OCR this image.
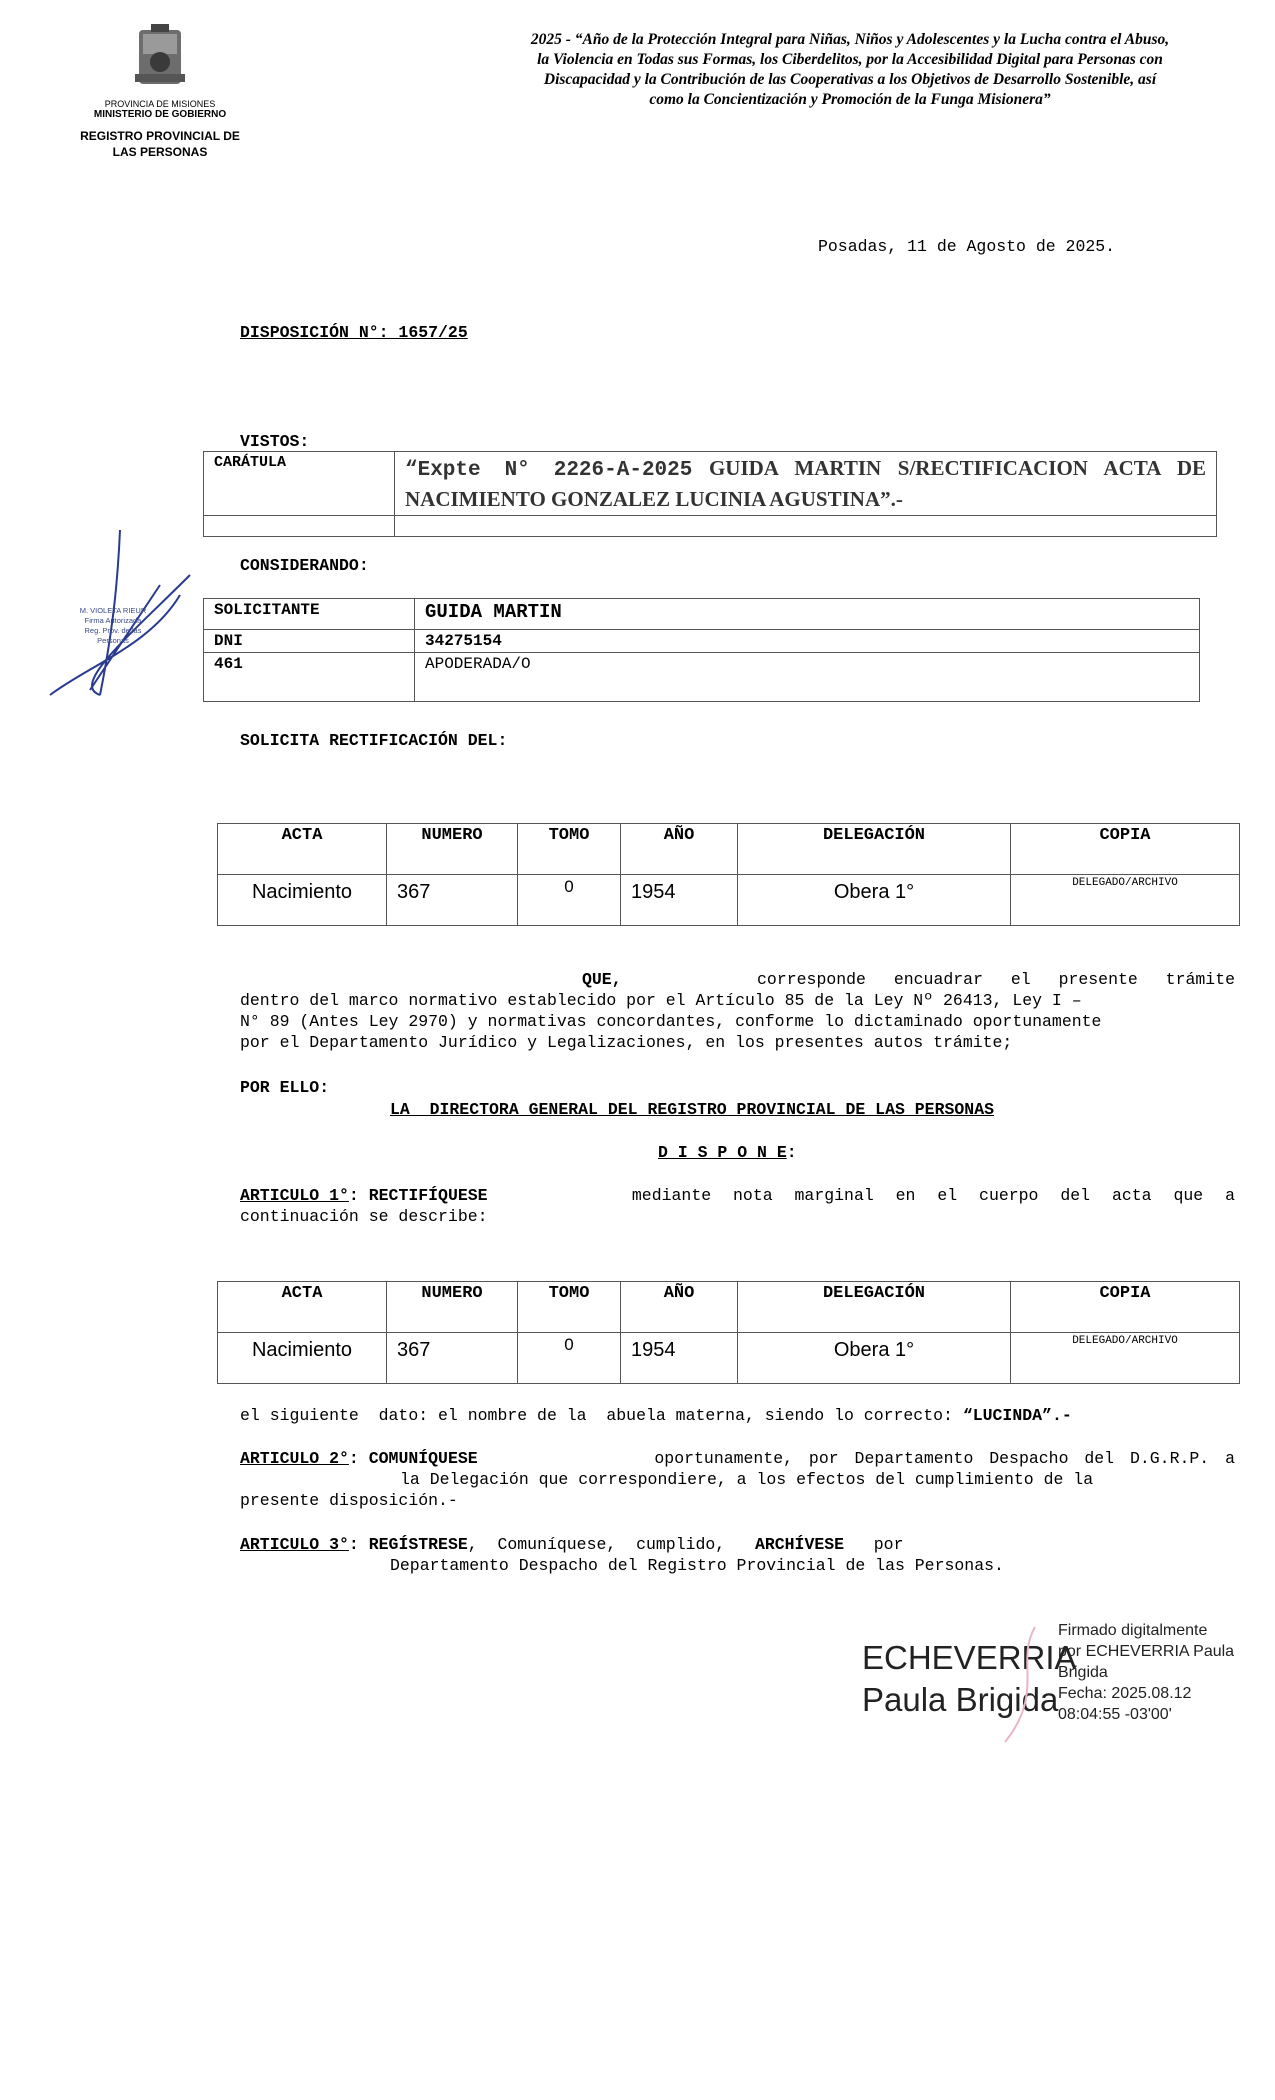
PROVINCIA DE MISIONES
MINISTERIO DE GOBIERNO
REGISTRO PROVINCIAL DE
LAS PERSONAS
2025 - “Año de la Protección Integral para Niñas, Niños y Adolescentes y la Lucha contra el Abuso, la Violencia en Todas sus Formas, los Ciberdelitos, por la Accesibilidad Digital para Personas con Discapacidad y la Contribución de las Cooperativas a los Objetivos de Desarrollo Sostenible, así como la Concientización y Promoción de la Funga Misionera”
Posadas, 11 de Agosto de 2025.
DISPOSICIÓN N°: 1657/25
VISTOS:
CARÁTULA	“Expte N° 2226-A-2025 GUIDA MARTIN S/RECTIFICACION ACTA DE NACIMIENTO GONZALEZ LUCINIA AGUSTINA”.-

M. VIOLETA RIEUR
Firma Autorizada
Reg. Prov. de las Personas
CONSIDERANDO:
SOLICITANTE	GUIDA MARTIN
DNI	34275154
461	APODERADA/O
SOLICITA RECTIFICACIÓN DEL:
ACTA	NUMERO	TOMO	AÑO	DELEGACIÓN	COPIA
Nacimiento	367	0	1954	Obera 1°	DELEGADO/ARCHIVO
QUE,	corresponde encuadrar el presente trámite
dentro del marco normativo establecido por el Artículo 85 de la Ley Nº 26413, Ley I –
N° 89 (Antes Ley 2970) y normativas concordantes, conforme lo dictaminado oportunamente
por el Departamento Jurídico y Legalizaciones, en los presentes autos trámite;
POR ELLO:
LA  DIRECTORA GENERAL DEL REGISTRO PROVINCIAL DE LAS PERSONAS
D I S P O N E:
ARTICULO 1°: RECTIFÍQUESE	mediante nota marginal en el cuerpo del acta que a
continuación se describe:
ACTA	NUMERO	TOMO	AÑO	DELEGACIÓN	COPIA
Nacimiento	367	0	1954	Obera 1°	DELEGADO/ARCHIVO
el siguiente  dato: el nombre de la  abuela materna, siendo lo correcto: “LUCINDA”.-
ARTICULO 2°: COMUNÍQUESE	oportunamente, por Departamento Despacho del D.G.R.P. a
la Delegación que correspondiere, a los efectos del cumplimiento de la
presente disposición.-
ARTICULO 3°: REGÍSTRESE,  Comuníquese,  cumplido, ARCHÍVESE por
Departamento Despacho del Registro Provincial de las Personas.
ECHEVERRIA
Paula Brigida
Firmado digitalmente
por ECHEVERRIA Paula
Brigida
Fecha: 2025.08.12
08:04:55 -03'00'
